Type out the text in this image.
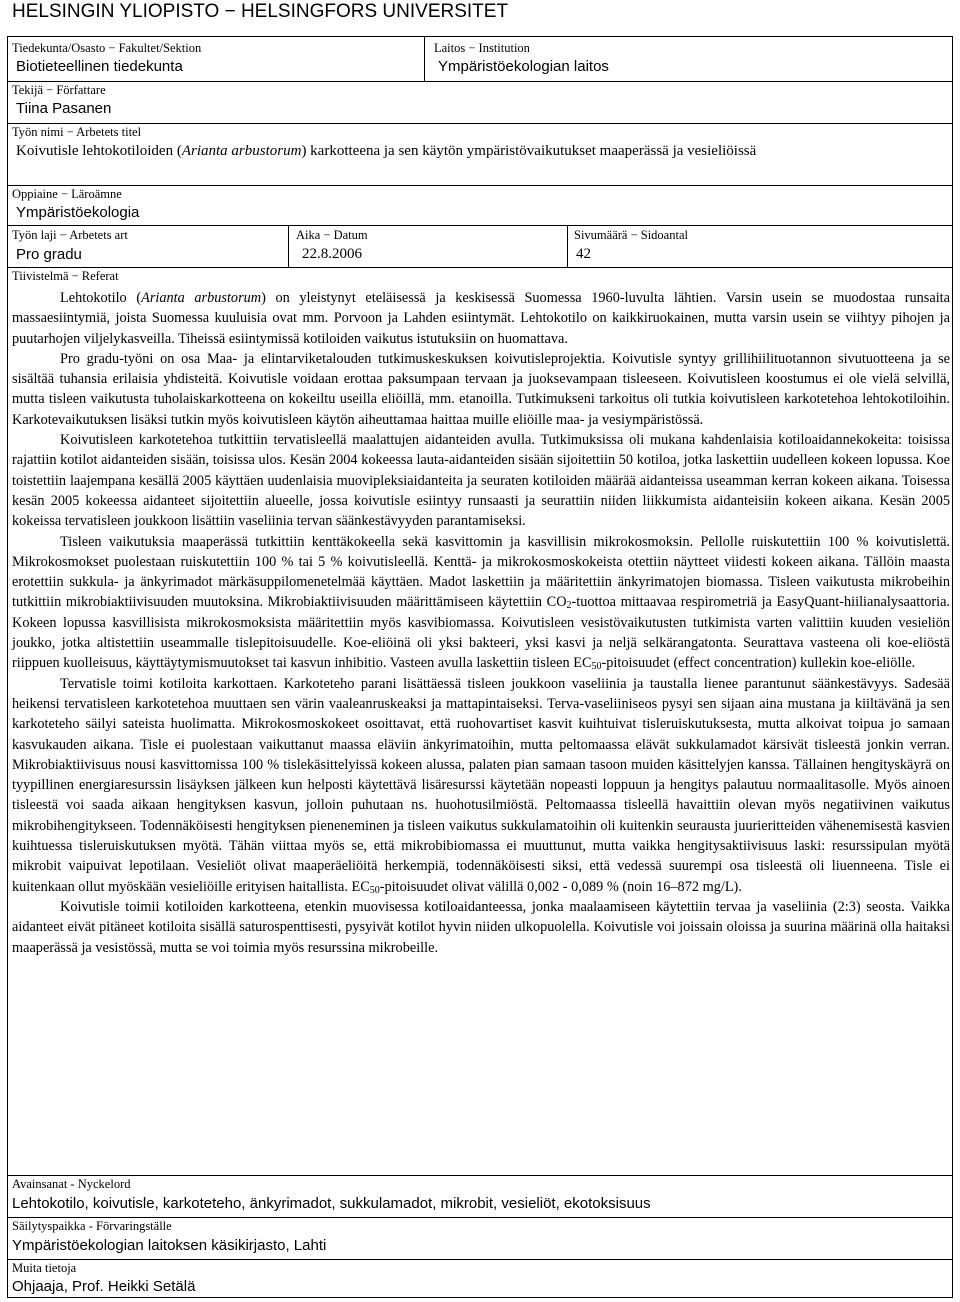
HELSINGIN YLIOPISTO − HELSINGFORS UNIVERSITET
Tiedekunta/Osasto − Fakultet/Sektion
Biotieteellinen tiedekunta
Laitos − Institution
Ympäristöekologian laitos
Tekijä − Författare
Tiina Pasanen
Työn nimi − Arbetets titel
Koivutisle lehtokotiloiden (Arianta arbustorum) karkotteena ja sen käytön ympäristövaikutukset maaperässä ja vesieliöissä
Oppiaine − Läroämne
Ympäristöekologia
Työn laji − Arbetets art
Pro gradu
Aika − Datum
22.8.2006
Sivumäärä − Sidoantal
42
Tiivistelmä − Referat

Lehtokotilo (Arianta arbustorum) on yleistynyt eteläisessä ja keskisessä Suomessa 1960-luvulta lähtien. Varsin usein se muodostaa runsaita massaesiintymiä, joista Suomessa kuuluisia ovat mm. Porvoon ja Lahden esiintymät. Lehtokotilo on kaikkiruokainen, mutta varsin usein se viihtyy pihojen ja puutarhojen viljelykasveilla. Tiheissä esiintymissä kotiloiden vaikutus istutuksiin on huomattava.

Pro gradu-työni on osa Maa- ja elintarviketalouden tutkimuskeskuksen koivutisleprojektia. Koivutisle syntyy grillihiilituotannon sivutuotteena ja se sisältää tuhansia erilaisia yhdisteitä. Koivutisle voidaan erottaa paksumpaan tervaan ja juoksevampaan tisleeseen. Koivutisleen koostumus ei ole vielä selvillä, mutta tisleen vaikutusta tuholaiskarkotteena on kokeiltu useilla eliöillä, mm. etanoilla. Tutkimukseni tarkoitus oli tutkia koivutisleen karkotetehoa lehtokotiloihin. Karkotevaikutuksen lisäksi tutkin myös koivutisleen käytön aiheuttamaa haittaa muille eliöille maa- ja vesiympäristössä.

Koivutisleen karkotetehoa tutkittiin tervatisleellä maalattujen aidanteiden avulla. Tutkimuksissa oli mukana kahdenlaisia kotiloaidannekokeita: toisissa rajattiin kotilot aidanteiden sisään, toisissa ulos. Kesän 2004 kokeessa lauta-aidanteiden sisään sijoitettiin 50 kotiloa, jotka laskettiin uudelleen kokeen lopussa. Koe toistettiin laajempana kesällä 2005 käyttäen uudenlaisia muovipleksiaidanteita ja seuraten kotiloiden määrää aidanteissa useamman kerran kokeen aikana. Toisessa kesän 2005 kokeessa aidanteet sijoitettiin alueelle, jossa koivutisle esiintyy runsaasti ja seurattiin niiden liikkumista aidanteisiin kokeen aikana. Kesän 2005 kokeissa tervatisleen joukkoon lisättiin vaseliinia tervan säänkestävyyden parantamiseksi.

Tisleen vaikutuksia maaperässä tutkittiin kenttäkokeella sekä kasvittomin ja kasvillisin mikrokosmoksin. Pellolle ruiskutettiin 100 % koivutislettä. Mikrokosmokset puolestaan ruiskutettiin 100 % tai 5 % koivutisleellä. Kenttä- ja mikrokosmoskokeista otettiin näytteet viidesti kokeen aikana. Tällöin maasta erotettiin sukkula- ja änkyrimadot märkäsuppilomenetelmää käyttäen. Madot laskettiin ja määritettiin änkyrimatojen biomassa. Tisleen vaikutusta mikrobeihin tutkittiin mikrobiaktiivisuuden muutoksina. Mikrobiaktiivisuuden määrittämiseen käytettiin $CO_2$-tuottoa mittaavaa respirometriä ja EasyQuant-hiilianalysaattoria. Kokeen lopussa kasvillisista mikrokosmoksista määritettiin myös kasvibiomassa. Koivutisleen vesistövaikutusten tutkimista varten valittiin kuuden vesieliön joukko, jotka altistettiin useammalle tislepitoisuudelle. Koe-eliöinä oli yksi bakteeri, yksi kasvi ja neljä selkärangatonta. Seurattava vasteena oli koe-eliöstä riippuen kuolleisuus, käyttäytymismuutokset tai kasvun inhibitio. Vasteen avulla laskettiin tisleen $EC_{50}$-pitoisuudet (effect concentration) kullekin koe-eliölle.

Tervatisle toimi kotiloita karkottaen. Karkoteteho parani lisättäessä tisleen joukkoon vaseliinia ja taustalla lienee parantunut säänkestävyys. Sadesää heikensi tervatisleen karkotetehoa muuttaen sen värin vaaleanruskeaksi ja mattapintaiseksi. Terva-vaseliiniseos pysyi sen sijaan aina mustana ja kiiltävänä ja sen karkoteteho säilyi sateista huolimatta. Mikrokosmoskokeet osoittavat, että ruohovartiset kasvit kuihtuivat tisleruiskutuksesta, mutta alkoivat toipua jo samaan kasvukauden aikana. Tisle ei puolestaan vaikuttanut maassa eläviin änkyrimatoihin, mutta peltomaassa elävät sukkulamadot kärsivät tisleestä jonkin verran. Mikrobiaktiivisuus nousi kasvittomissa 100 % tislekäsittelyissä kokeen alussa, palaten pian samaan tasoon muiden käsittelyjen kanssa. Tällainen hengityskäyrä on tyypillinen energiaresurssin lisäyksen jälkeen kun helposti käytettävä lisäresurssi käytetään nopeasti loppuun ja hengitys palautuu normaalitasolle. Myös ainoen tisleestä voi saada aikaan hengityksen kasvun, jolloin puhutaan ns. huohotusilmiöstä. Peltomaassa tisleellä havaittiin olevan myös negatiivinen vaikutus mikrobihengitykseen. Todennäköisesti hengityksen pieneneminen ja tisleen vaikutus sukkulamatoihin oli kuitenkin seurausta juurieritteiden vähenemisestä kasvien kuihtuessa tisleruiskutuksen myötä. Tähän viittaa myös se, että mikrobibiomassa ei muuttunut, mutta vaikka hengitysaktiivisuus laski: resurssipulan myötä mikrobit vaipuivat lepotilaan. Vesieliöt olivat maaperäeliöitä herkempiä, todennäköisesti siksi, että vedessä suurempi osa tisleestä oli liuenneena. Tisle ei kuitenkaan ollut myöskään vesieliöille erityisen haitallista. $EC_{50}$-pitoisuudet olivat välillä 0,002 - 0,089 % (noin 16–872 mg/L).

Koivutisle toimii kotiloiden karkotteena, etenkin muovisessa kotiloaidanteessa, jonka maalaamiseen käytettiin tervaa ja vaseliinia (2:3) seosta. Vaikka aidanteet eivät pitäneet kotiloita sisällä saturospenttisesti, pysyivät kotilot hyvin niiden ulkopuolella. Koivutisle voi joissain oloissa ja suurina määrinä olla haitaksi maaperässä ja vesistössä, mutta se voi toimia myös resurssina mikrobeille.

Avainsanat - Nyckelord
Lehtokotilo, koivutisle, karkoteteho, änkyrimadot, sukkulamadot, mikrobit, vesieliöt, ekotoksisuus
Säilytyspaikka - Förvaringställe
Ympäristöekologian laitoksen käsikirjasto, Lahti
Muita tietoja
Ohjaaja, Prof. Heikki Setälä
